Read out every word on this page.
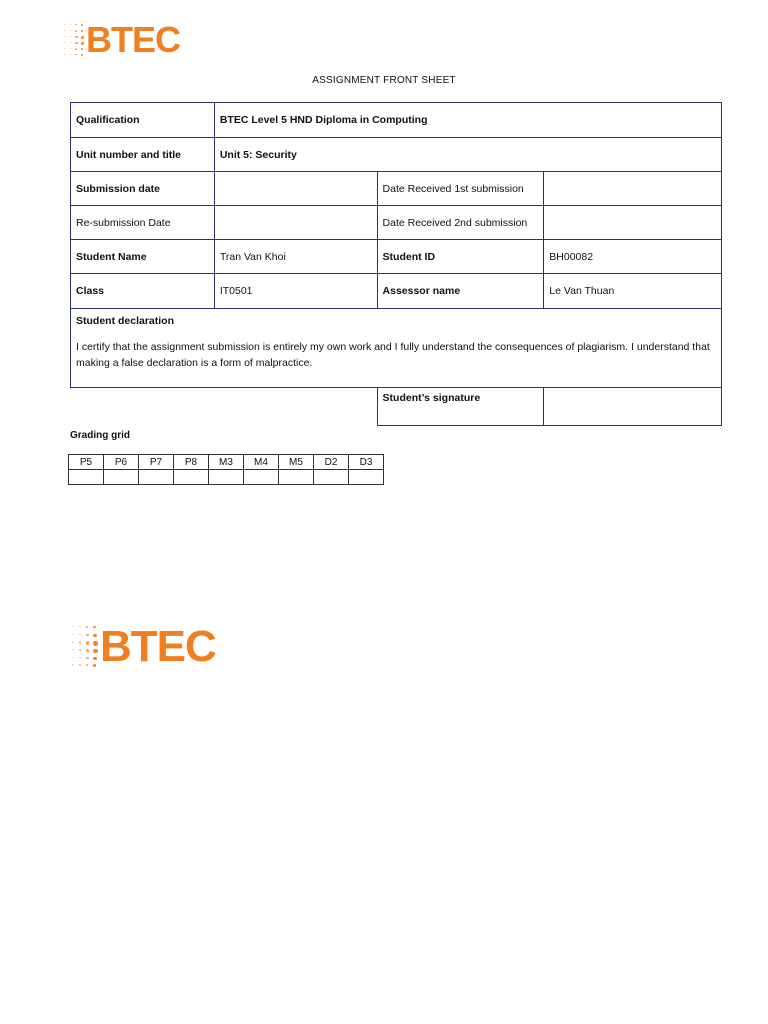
BTEC
ASSIGNMENT FRONT SHEET
Qualification	BTEC Level 5 HND Diploma in Computing		
Unit number and title	Unit 5: Security		
Submission date		Date Received 1st submission	
Re-submission Date		Date Received 2nd submission	
Student Name	Tran Van Khoi	Student ID	BH00082
Class	IT0501	Assessor name	Le Van Thuan

Student declaration
I certify that the assignment submission is entirely my own work and I fully understand the consequences of plagiarism. I understand that making a false declaration is a form of malpractice.			

		Student’s signature	
Grading grid
P5	P6	P7	P8	M3	M4	M5	D2	D3

BTEC
